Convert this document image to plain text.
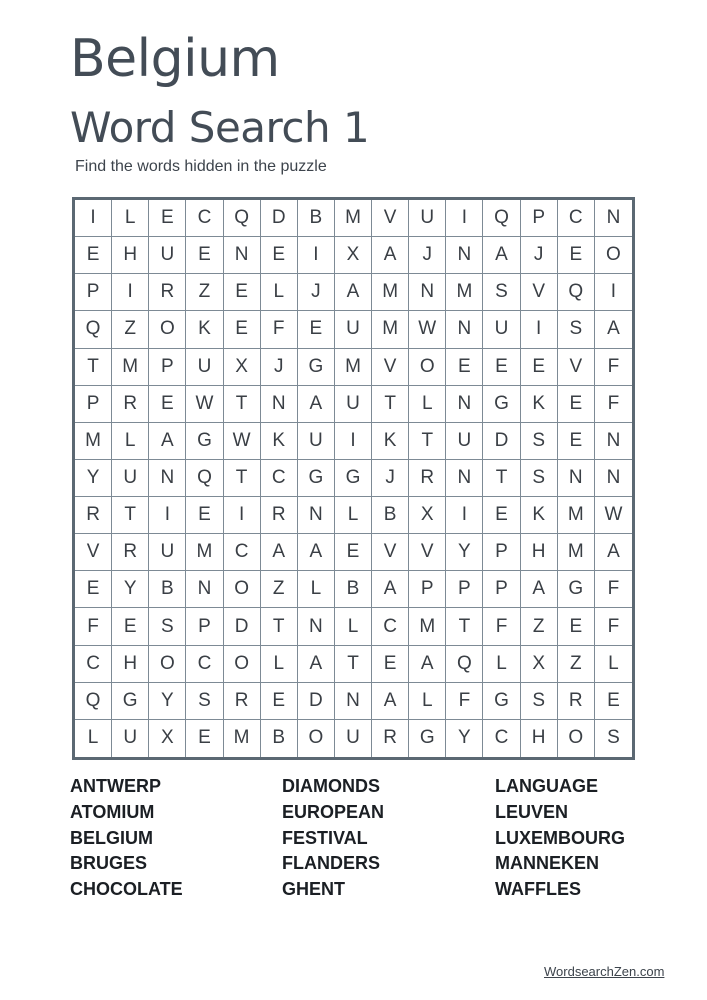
Belgium
Word Search 1

Find the words hidden in the puzzle

I	L	E	C	Q	D	B	M	V	U	I	Q	P	C	N
E	H	U	E	N	E	I	X	A	J	N	A	J	E	O
P	I	R	Z	E	L	J	A	M	N	M	S	V	Q	I
Q	Z	O	K	E	F	E	U	M	W	N	U	I	S	A
T	M	P	U	X	J	G	M	V	O	E	E	E	V	F
P	R	E	W	T	N	A	U	T	L	N	G	K	E	F
M	L	A	G	W	K	U	I	K	T	U	D	S	E	N
Y	U	N	Q	T	C	G	G	J	R	N	T	S	N	N
R	T	I	E	I	R	N	L	B	X	I	E	K	M	W
V	R	U	M	C	A	A	E	V	V	Y	P	H	M	A
E	Y	B	N	O	Z	L	B	A	P	P	P	A	G	F
F	E	S	P	D	T	N	L	C	M	T	F	Z	E	F
C	H	O	C	O	L	A	T	E	A	Q	L	X	Z	L
Q	G	Y	S	R	E	D	N	A	L	F	G	S	R	E
L	U	X	E	M	B	O	U	R	G	Y	C	H	O	S
ANTWERP	DIAMONDS	LANGUAGE
ATOMIUM	EUROPEAN	LEUVEN
BELGIUM	FESTIVAL	LUXEMBOURG
BRUGES	FLANDERS	MANNEKEN
CHOCOLATE	GHENT	WAFFLES
WordsearchZen.com
